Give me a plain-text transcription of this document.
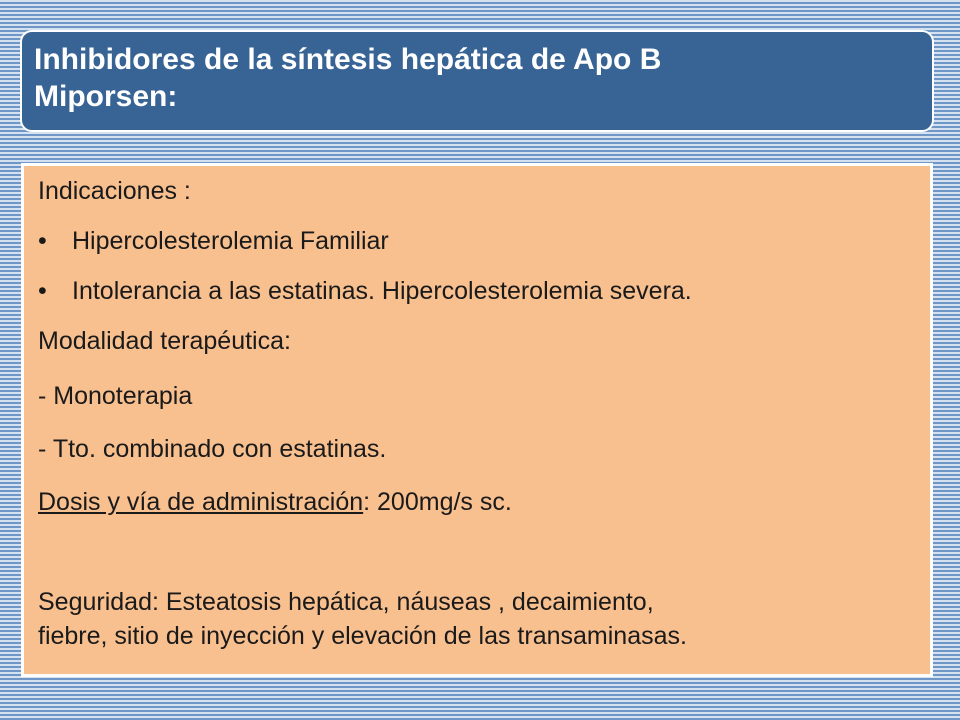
Inhibidores de la síntesis hepática de Apo B
Miporsen:
Indicaciones :
• Hipercolesterolemia Familiar
• Intolerancia a las estatinas. Hipercolesterolemia severa.
Modalidad terapéutica:
- Monoterapia
- Tto. combinado con estatinas.
Dosis y vía de administración: 200mg/s sc.
Seguridad: Esteatosis hepática, náuseas , decaimiento,
fiebre, sitio de inyección y elevación de las transaminasas.
